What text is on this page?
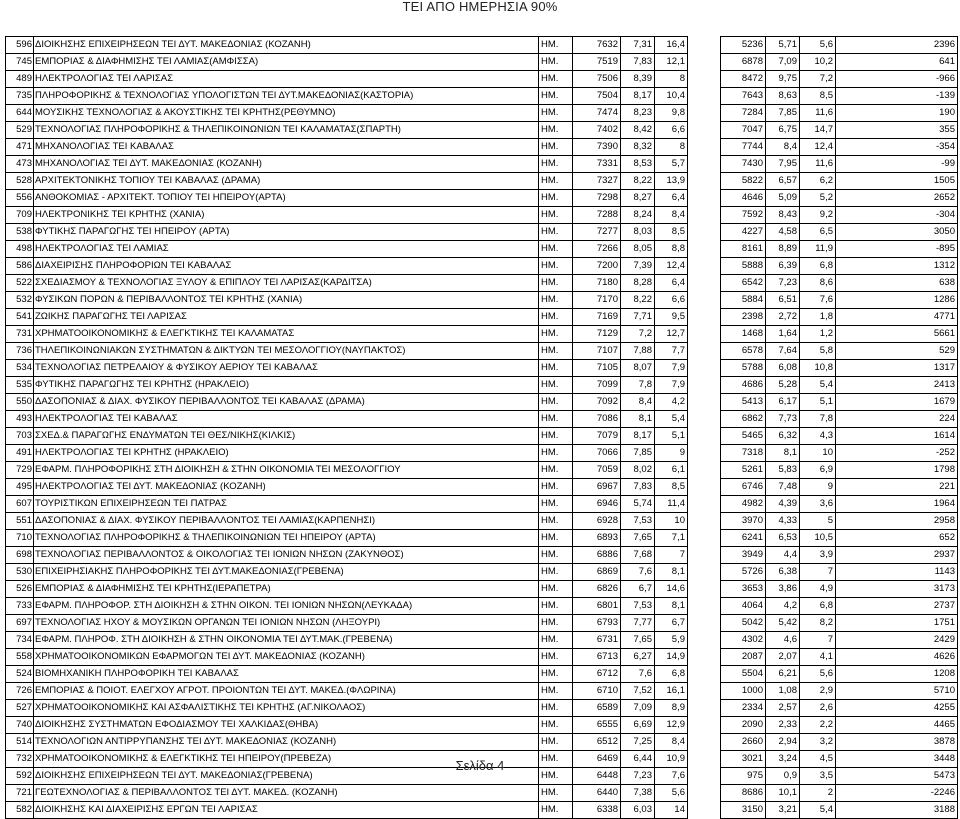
ΤΕΙ ΑΠΟ ΗΜΕΡΗΣΙΑ 90%
596	ΔΙΟΙΚΗΣΗΣ ΕΠΙΧΕΙΡΗΣΕΩΝ ΤΕΙ ΔΥΤ. ΜΑΚΕΔΟΝΙΑΣ (ΚΟΖΑΝΗ)	ΗΜ.	7632	7,31	16,4		5236	5,71	5,6	2396
745	ΕΜΠΟΡΙΑΣ & ΔΙΑΦΗΜΙΣΗΣ ΤΕΙ ΛΑΜΙΑΣ(ΑΜΦΙΣΣΑ)	ΗΜ.	7519	7,83	12,1		6878	7,09	10,2	641
489	ΗΛΕΚΤΡΟΛΟΓΙΑΣ ΤΕΙ ΛΑΡΙΣΑΣ	ΗΜ.	7506	8,39	8		8472	9,75	7,2	-966
735	ΠΛΗΡΟΦΟΡΙΚΗΣ & ΤΕΧΝΟΛΟΓΙΑΣ ΥΠΟΛΟΓΙΣΤΩΝ ΤΕΙ ΔΥΤ.ΜΑΚΕΔΟΝΙΑΣ(ΚΑΣΤΟΡΙΑ)	ΗΜ.	7504	8,17	10,4		7643	8,63	8,5	-139
644	ΜΟΥΣΙΚΗΣ ΤΕΧΝΟΛΟΓΙΑΣ & ΑΚΟΥΣΤΙΚΗΣ ΤΕΙ ΚΡΗΤΗΣ(ΡΕΘΥΜΝΟ)	ΗΜ.	7474	8,23	9,8		7284	7,85	11,6	190
529	ΤΕΧΝΟΛΟΓΙΑΣ ΠΛΗΡΟΦΟΡΙΚΗΣ & ΤΗΛΕΠΙΚΟΙΝΩΝΙΩΝ ΤΕΙ ΚΑΛΑΜΑΤΑΣ(ΣΠΑΡΤΗ)	ΗΜ.	7402	8,42	6,6		7047	6,75	14,7	355
471	ΜΗΧΑΝΟΛΟΓΙΑΣ ΤΕΙ ΚΑΒΑΛΑΣ	ΗΜ.	7390	8,32	8		7744	8,4	12,4	-354
473	ΜΗΧΑΝΟΛΟΓΙΑΣ ΤΕΙ ΔΥΤ. ΜΑΚΕΔΟΝΙΑΣ (ΚΟΖΑΝΗ)	ΗΜ.	7331	8,53	5,7		7430	7,95	11,6	-99
528	ΑΡΧΙΤΕΚΤΟΝΙΚΗΣ ΤΟΠΙΟΥ ΤΕΙ ΚΑΒΑΛΑΣ (ΔΡΑΜΑ)	ΗΜ.	7327	8,22	13,9		5822	6,57	6,2	1505
556	ΑΝΘΟΚΟΜΙΑΣ - ΑΡΧΙΤΕΚΤ. ΤΟΠΙΟΥ ΤΕΙ ΗΠΕΙΡΟΥ(ΑΡΤΑ)	ΗΜ.	7298	8,27	6,4		4646	5,09	5,2	2652
709	ΗΛΕΚΤΡΟΝΙΚΗΣ ΤΕΙ ΚΡΗΤΗΣ (ΧΑΝΙΑ)	ΗΜ.	7288	8,24	8,4		7592	8,43	9,2	-304
538	ΦΥΤΙΚΗΣ ΠΑΡΑΓΩΓΗΣ ΤΕΙ ΗΠΕΙΡΟΥ (ΑΡΤΑ)	ΗΜ.	7277	8,03	8,5		4227	4,58	6,5	3050
498	ΗΛΕΚΤΡΟΛΟΓΙΑΣ ΤΕΙ ΛΑΜΙΑΣ	ΗΜ.	7266	8,05	8,8		8161	8,89	11,9	-895
586	ΔΙΑΧΕΙΡΙΣΗΣ ΠΛΗΡΟΦΟΡΙΩΝ ΤΕΙ ΚΑΒΑΛΑΣ	ΗΜ.	7200	7,39	12,4		5888	6,39	6,8	1312
522	ΣΧΕΔΙΑΣΜΟΥ & ΤΕΧΝΟΛΟΓΙΑΣ ΞΥΛΟΥ & ΕΠΙΠΛΟΥ ΤΕΙ ΛΑΡΙΣΑΣ(ΚΑΡΔΙΤΣΑ)	ΗΜ.	7180	8,28	6,4		6542	7,23	8,6	638
532	ΦΥΣΙΚΩΝ ΠΟΡΩΝ & ΠΕΡΙΒΑΛΛΟΝΤΟΣ ΤΕΙ ΚΡΗΤΗΣ (ΧΑΝΙΑ)	ΗΜ.	7170	8,22	6,6		5884	6,51	7,6	1286
541	ΖΩΙΚΗΣ ΠΑΡΑΓΩΓΗΣ ΤΕΙ ΛΑΡΙΣΑΣ	ΗΜ.	7169	7,71	9,5		2398	2,72	1,8	4771
731	ΧΡΗΜΑΤΟΟΙΚΟΝΟΜΙΚΗΣ & ΕΛΕΓΚΤΙΚΗΣ ΤΕΙ ΚΑΛΑΜΑΤΑΣ	ΗΜ.	7129	7,2	12,7		1468	1,64	1,2	5661
736	ΤΗΛΕΠΙΚΟΙΝΩΝΙΑΚΩΝ ΣΥΣΤΗΜΑΤΩΝ & ΔΙΚΤΥΩΝ ΤΕΙ ΜΕΣΟΛΟΓΓΙΟΥ(ΝΑΥΠΑΚΤΟΣ)	ΗΜ.	7107	7,88	7,7		6578	7,64	5,8	529
534	ΤΕΧΝΟΛΟΓΙΑΣ ΠΕΤΡΕΛΑΙΟΥ & ΦΥΣΙΚΟΥ ΑΕΡΙΟΥ ΤΕΙ ΚΑΒΑΛΑΣ	ΗΜ.	7105	8,07	7,9		5788	6,08	10,8	1317
535	ΦΥΤΙΚΗΣ ΠΑΡΑΓΩΓΗΣ ΤΕΙ ΚΡΗΤΗΣ (ΗΡΑΚΛΕΙΟ)	ΗΜ.	7099	7,8	7,9		4686	5,28	5,4	2413
550	ΔΑΣΟΠΟΝΙΑΣ & ΔΙΑΧ. ΦΥΣΙΚΟΥ ΠΕΡΙΒΑΛΛΟΝΤΟΣ ΤΕΙ ΚΑΒΑΛΑΣ (ΔΡΑΜΑ)	ΗΜ.	7092	8,4	4,2		5413	6,17	5,1	1679
493	ΗΛΕΚΤΡΟΛΟΓΙΑΣ ΤΕΙ ΚΑΒΑΛΑΣ	ΗΜ.	7086	8,1	5,4		6862	7,73	7,8	224
703	ΣΧΕΔ.& ΠΑΡΑΓΩΓΗΣ ΕΝΔΥΜΑΤΩΝ ΤΕΙ ΘΕΣ/ΝΙΚΗΣ(ΚΙΛΚΙΣ)	ΗΜ.	7079	8,17	5,1		5465	6,32	4,3	1614
491	ΗΛΕΚΤΡΟΛΟΓΙΑΣ ΤΕΙ ΚΡΗΤΗΣ (ΗΡΑΚΛΕΙΟ)	ΗΜ.	7066	7,85	9		7318	8,1	10	-252
729	ΕΦΑΡΜ. ΠΛΗΡΟΦΟΡΙΚΗΣ ΣΤΗ ΔΙΟΙΚΗΣΗ & ΣΤΗΝ ΟΙΚΟΝΟΜΙΑ ΤΕΙ ΜΕΣΟΛΟΓΓΙΟΥ	ΗΜ.	7059	8,02	6,1		5261	5,83	6,9	1798
495	ΗΛΕΚΤΡΟΛΟΓΙΑΣ ΤΕΙ ΔΥΤ. ΜΑΚΕΔΟΝΙΑΣ (ΚΟΖΑΝΗ)	ΗΜ.	6967	7,83	8,5		6746	7,48	9	221
607	ΤΟΥΡΙΣΤΙΚΩΝ ΕΠΙΧΕΙΡΗΣΕΩΝ ΤΕΙ ΠΑΤΡΑΣ	ΗΜ.	6946	5,74	11,4		4982	4,39	3,6	1964
551	ΔΑΣΟΠΟΝΙΑΣ & ΔΙΑΧ. ΦΥΣΙΚΟΥ ΠΕΡΙΒΑΛΛΟΝΤΟΣ ΤΕΙ ΛΑΜΙΑΣ(ΚΑΡΠΕΝΗΣΙ)	ΗΜ.	6928	7,53	10		3970	4,33	5	2958
710	ΤΕΧΝΟΛΟΓΙΑΣ ΠΛΗΡΟΦΟΡΙΚΗΣ & ΤΗΛΕΠΙΚΟΙΝΩΝΙΩΝ ΤΕΙ ΗΠΕΙΡΟΥ (ΑΡΤΑ)	ΗΜ.	6893	7,65	7,1		6241	6,53	10,5	652
698	ΤΕΧΝΟΛΟΓΙΑΣ ΠΕΡΙΒΑΛΛΟΝΤΟΣ & ΟΙΚΟΛΟΓΙΑΣ ΤΕΙ ΙΟΝΙΩΝ ΝΗΣΩΝ (ΖΑΚΥΝΘΟΣ)	ΗΜ.	6886	7,68	7		3949	4,4	3,9	2937
530	ΕΠΙΧΕΙΡΗΣΙΑΚΗΣ ΠΛΗΡΟΦΟΡΙΚΗΣ ΤΕΙ ΔΥΤ.ΜΑΚΕΔΟΝΙΑΣ(ΓΡΕΒΕΝΑ)	ΗΜ.	6869	7,6	8,1		5726	6,38	7	1143
526	ΕΜΠΟΡΙΑΣ & ΔΙΑΦΗΜΙΣΗΣ ΤΕΙ ΚΡΗΤΗΣ(ΙΕΡΑΠΕΤΡΑ)	ΗΜ.	6826	6,7	14,6		3653	3,86	4,9	3173
733	ΕΦΑΡΜ. ΠΛΗΡΟΦΟΡ. ΣΤΗ ΔΙΟΙΚΗΣΗ & ΣΤΗΝ ΟΙΚΟΝ. ΤΕΙ ΙΟΝΙΩΝ ΝΗΣΩΝ(ΛΕΥΚΑΔΑ)	ΗΜ.	6801	7,53	8,1		4064	4,2	6,8	2737
697	ΤΕΧΝΟΛΟΓΙΑΣ ΗΧΟΥ & ΜΟΥΣΙΚΩΝ ΟΡΓΑΝΩΝ ΤΕΙ ΙΟΝΙΩΝ ΝΗΣΩΝ (ΛΗΞΟΥΡΙ)	ΗΜ.	6793	7,77	6,7		5042	5,42	8,2	1751
734	ΕΦΑΡΜ. ΠΛΗΡΟΦ. ΣΤΗ ΔΙΟΙΚΗΣΗ & ΣΤΗΝ ΟΙΚΟΝΟΜΙΑ ΤΕΙ ΔΥΤ.ΜΑΚ.(ΓΡΕΒΕΝΑ)	ΗΜ.	6731	7,65	5,9		4302	4,6	7	2429
558	ΧΡΗΜΑΤΟΟΙΚΟΝΟΜΙΚΩΝ ΕΦΑΡΜΟΓΩΝ ΤΕΙ ΔΥΤ. ΜΑΚΕΔΟΝΙΑΣ (ΚΟΖΑΝΗ)	ΗΜ.	6713	6,27	14,9		2087	2,07	4,1	4626
524	ΒΙΟΜΗΧΑΝΙΚΗ ΠΛΗΡΟΦΟΡΙΚΗ ΤΕΙ ΚΑΒΑΛΑΣ	ΗΜ.	6712	7,6	6,8		5504	6,21	5,6	1208
726	ΕΜΠΟΡΙΑΣ & ΠΟΙΟΤ. ΕΛΕΓΧΟΥ ΑΓΡΟΤ. ΠΡΟΙΟΝΤΩΝ ΤΕΙ ΔΥΤ. ΜΑΚΕΔ.(ΦΛΩΡΙΝΑ)	ΗΜ.	6710	7,52	16,1		1000	1,08	2,9	5710
527	ΧΡΗΜΑΤΟΟΙΚΟΝΟΜΙΚΗΣ ΚΑΙ ΑΣΦΑΛΙΣΤΙΚΗΣ ΤΕΙ ΚΡΗΤΗΣ (ΑΓ.ΝΙΚΟΛΑΟΣ)	ΗΜ.	6589	7,09	8,9		2334	2,57	2,6	4255
740	ΔΙΟΙΚΗΣΗΣ ΣΥΣΤΗΜΑΤΩΝ ΕΦΟΔΙΑΣΜΟΥ ΤΕΙ ΧΑΛΚΙΔΑΣ(ΘΗΒΑ)	ΗΜ.	6555	6,69	12,9		2090	2,33	2,2	4465
514	ΤΕΧΝΟΛΟΓΙΩΝ ΑΝΤΙΡΡΥΠΑΝΣΗΣ ΤΕΙ ΔΥΤ. ΜΑΚΕΔΟΝΙΑΣ (ΚΟΖΑΝΗ)	ΗΜ.	6512	7,25	8,4		2660	2,94	3,2	3878
732	ΧΡΗΜΑΤΟΟΙΚΟΝΟΜΙΚΗΣ & ΕΛΕΓΚΤΙΚΗΣ ΤΕΙ ΗΠΕΙΡΟΥ(ΠΡΕΒΕΖΑ)	ΗΜ.	6469	6,44	10,9		3021	3,24	4,5	3448
592	ΔΙΟΙΚΗΣΗΣ ΕΠΙΧΕΙΡΗΣΕΩΝ ΤΕΙ ΔΥΤ. ΜΑΚΕΔΟΝΙΑΣ(ΓΡΕΒΕΝΑ)	ΗΜ.	6448	7,23	7,6		975	0,9	3,5	5473
721	ΓΕΩΤΕΧΝΟΛΟΓΙΑΣ & ΠΕΡΙΒΑΛΛΟΝΤΟΣ ΤΕΙ ΔΥΤ. ΜΑΚΕΔ. (ΚΟΖΑΝΗ)	ΗΜ.	6440	7,38	5,6		8686	10,1	2	-2246
582	ΔΙΟΙΚΗΣΗΣ ΚΑΙ ΔΙΑΧΕΙΡΙΣΗΣ ΕΡΓΩΝ ΤΕΙ ΛΑΡΙΣΑΣ	ΗΜ.	6338	6,03	14		3150	3,21	5,4	3188
Σελίδα 4
